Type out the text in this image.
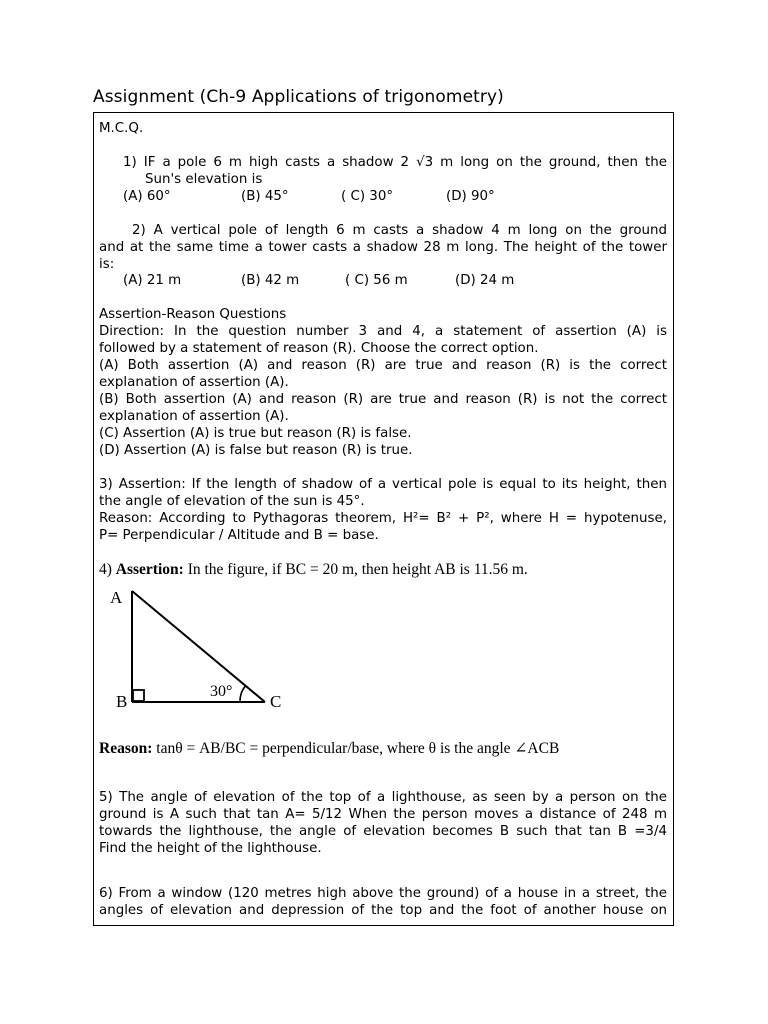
Assignment (Ch-9 Applications of trigonometry)
M.C.Q.
1) IF a pole 6 m high casts a shadow 2 √3 m long on the ground, then the
Sun's elevation is
(A) 60°	(B) 45°	( C) 30°	(D) 90°
2) A vertical pole of length 6 m casts a shadow 4 m long on the ground
and at the same time a tower casts a shadow 28 m long. The height of the tower
is:
(A) 21 m	(B) 42 m	( C) 56 m	(D) 24 m
Assertion-Reason Questions
Direction: In the question number 3 and 4, a statement of assertion (A) is
followed by a statement of reason (R). Choose the correct option.
(A) Both assertion (A) and reason (R) are true and reason (R) is the correct
explanation of assertion (A).
(B) Both assertion (A) and reason (R) are true and reason (R) is not the correct
explanation of assertion (A).
(C) Assertion (A) is true but reason (R) is false.
(D) Assertion (A) is false but reason (R) is true.
3) Assertion: If the length of shadow of a vertical pole is equal to its height, then
the angle of elevation of the sun is 45°.
Reason: According to Pythagoras theorem, H²= B² + P², where H = hypotenuse,
P= Perpendicular / Altitude and B = base.
4) Assertion: In the figure, if BC = 20 m, then height AB is 11.56 m.
A
B	C
30°
Reason: tanθ = AB/BC = perpendicular/base, where θ is the angle ∠ACB
5) The angle of elevation of the top of a lighthouse, as seen by a person on the
ground is A such that tan A= 5/12 When the person moves a distance of 248 m
towards the lighthouse, the angle of elevation becomes B such that tan B =3/4
Find the height of the lighthouse.
6) From a window (120 metres high above the ground) of a house in a street, the
angles of elevation and depression of the top and the foot of another house on
